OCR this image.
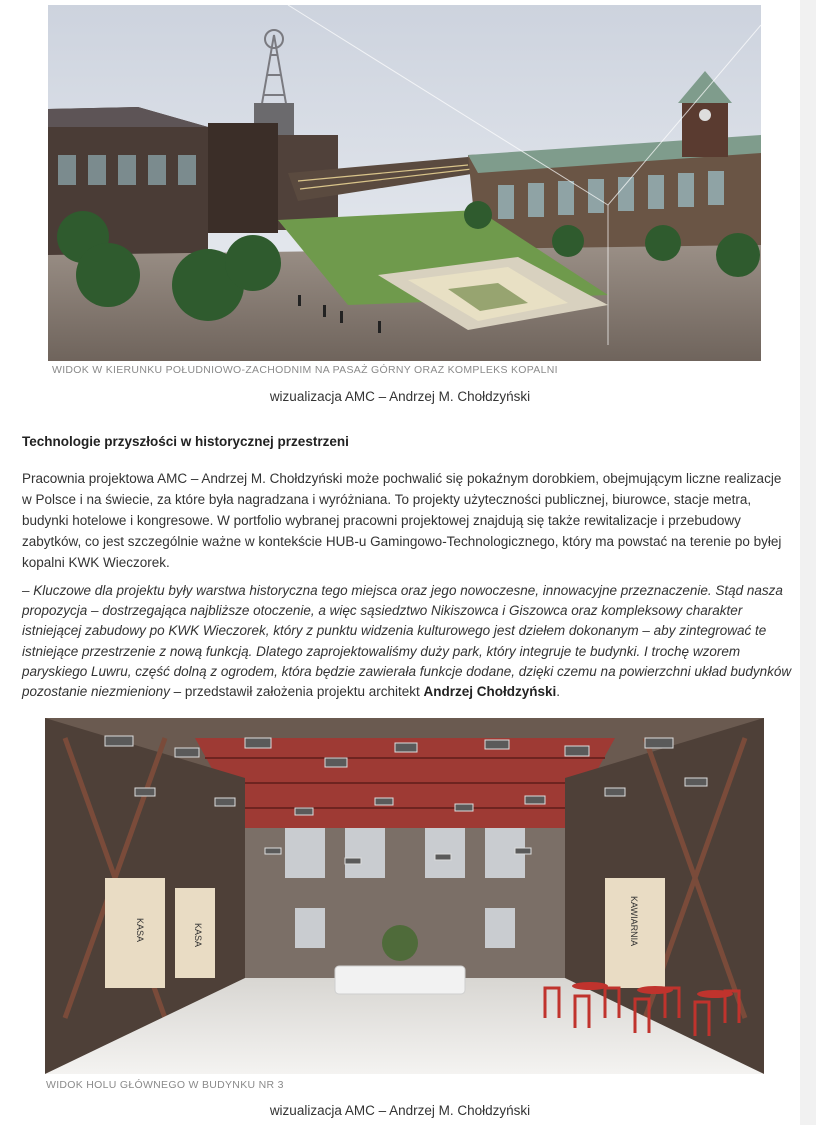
WIDOK W KIERUNKU POŁUDNIOWO-ZACHODNIM NA PASAŻ GÓRNY ORAZ KOMPLEKS KOPALNI
wizualizacja AMC – Andrzej M. Chołdzyński
Technologie przyszłości w historycznej przestrzeni
Pracownia projektowa AMC – Andrzej M. Chołdzyński może pochwalić się pokaźnym dorobkiem, obejmującym liczne realizacje w Polsce i na świecie, za które była nagradzana i wyróżniana. To projekty użyteczności publicznej, biurowce, stacje metra, budynki hotelowe i kongresowe. W portfolio wybranej pracowni projektowej znajdują się także rewitalizacje i przebudowy zabytków, co jest szczególnie ważne w kontekście HUB-u Gamingowo-Technologicznego, który ma powstać na terenie po byłej kopalni KWK Wieczorek.
– Kluczowe dla projektu były warstwa historyczna tego miejsca oraz jego nowoczesne, innowacyjne przeznaczenie. Stąd nasza propozycja – dostrzegająca najbliższe otoczenie, a więc sąsiedztwo Nikiszowca i Giszowca oraz kompleksowy charakter istniejącej zabudowy po KWK Wieczorek, który z punktu widzenia kulturowego jest dziełem dokonanym – aby zintegrować te istniejące przestrzenie z nową funkcją. Dlatego zaprojektowaliśmy duży park, który integruje te budynki. I trochę wzorem paryskiego Luwru, część dolną z ogrodem, która będzie zawierała funkcje dodane, dzięki czemu na powierzchni układ budynków pozostanie niezmieniony – przedstawił założenia projektu architekt Andrzej Chołdzyński.
KASA	KASA	KAWIARNIA
WIDOK HOLU GŁÓWNEGO W BUDYNKU NR 3
wizualizacja AMC – Andrzej M. Chołdzyński
